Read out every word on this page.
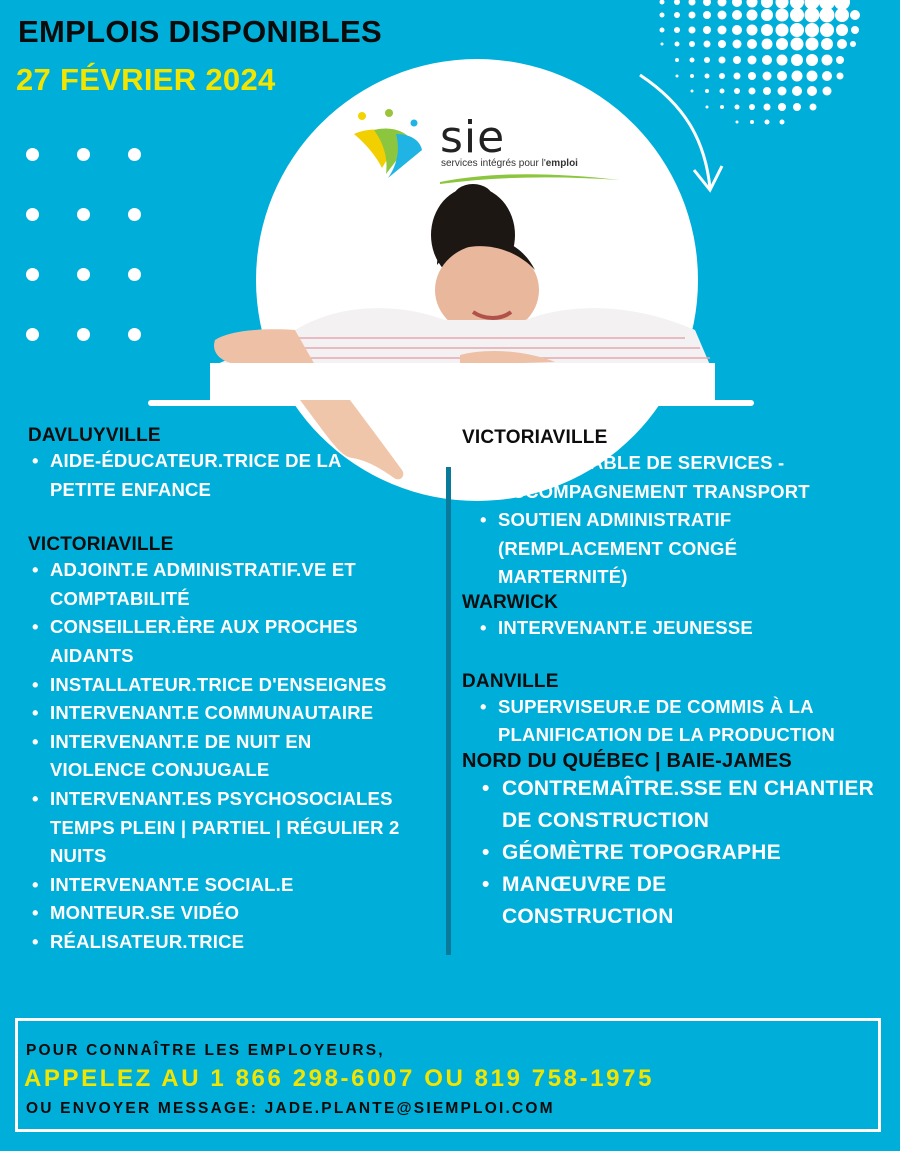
EMPLOIS DISPONIBLES
27 FÉVRIER 2024
sie
services intégrés pour l'emploi
DAVLUYVILLE
• AIDE-ÉDUCATEUR.TRICE DE LA PETITE ENFANCE
VICTORIAVILLE
• ADJOINT.E ADMINISTRATIF.VE ET COMPTABILITÉ
• CONSEILLER.ÈRE AUX PROCHES AIDANTS
• INSTALLATEUR.TRICE D'ENSEIGNES
• INTERVENANT.E COMMUNAUTAIRE
• INTERVENANT.E DE NUIT EN VIOLENCE CONJUGALE
• INTERVENANT.ES PSYCHOSOCIALES TEMPS PLEIN | PARTIEL | RÉGULIER 2 NUITS
• INTERVENANT.E SOCIAL.E
• MONTEUR.SE VIDÉO
• RÉALISATEUR.TRICE
VICTORIAVILLE
• RESPONSABLE DE SERVICES - ACCOMPAGNEMENT TRANSPORT
• SOUTIEN ADMINISTRATIF (REMPLACEMENT CONGÉ MARTERNITÉ)
WARWICK
• INTERVENANT.E JEUNESSE
DANVILLE
• SUPERVISEUR.E DE COMMIS À LA PLANIFICATION DE LA PRODUCTION
NORD DU QUÉBEC | BAIE-JAMES
• CONTREMAÎTRE.SSE EN CHANTIER DE CONSTRUCTION
• GÉOMÈTRE TOPOGRAPHE
• MANŒUVRE DE CONSTRUCTION
POUR CONNAÎTRE LES EMPLOYEURS,
APPELEZ AU 1 866 298-6007 OU 819 758-1975
OU ENVOYER MESSAGE: JADE.PLANTE@SIEMPLOI.COM
